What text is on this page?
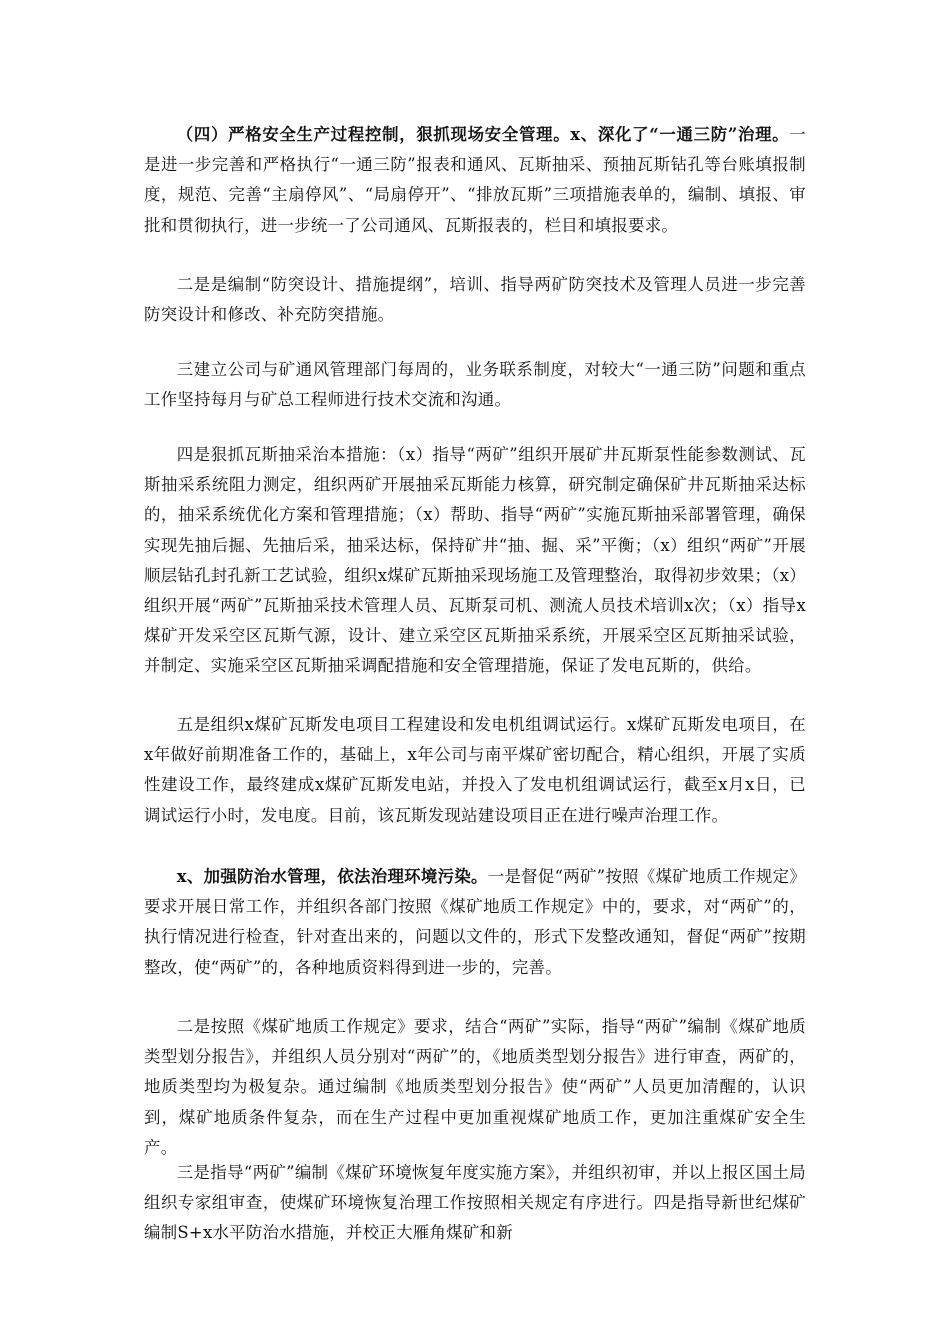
（四）严格安全生产过程控制，狠抓现场安全管理。x、深化了“一通三防”治理。一是进一步完善和严格执行“一通三防”报表和通风、瓦斯抽采、预抽瓦斯钻孔等台账填报制度，规范、完善“主扇停风”、“局扇停开”、“排放瓦斯”三项措施表单的，编制、填报、审批和贯彻执行，进一步统一了公司通风、瓦斯报表的，栏目和填报要求。

二是是编制“防突设计、措施提纲”，培训、指导两矿防突技术及管理人员进一步完善防突设计和修改、补充防突措施。

三建立公司与矿通风管理部门每周的，业务联系制度，对较大“一通三防”问题和重点工作坚持每月与矿总工程师进行技术交流和沟通。

四是狠抓瓦斯抽采治本措施：（x）指导“两矿”组织开展矿井瓦斯泵性能参数测试、瓦斯抽采系统阻力测定，组织两矿开展抽采瓦斯能力核算，研究制定确保矿井瓦斯抽采达标的，抽采系统优化方案和管理措施；（x）帮助、指导“两矿”实施瓦斯抽采部署管理，确保实现先抽后掘、先抽后采，抽采达标，保持矿井“抽、掘、采”平衡；（x）组织“两矿”开展顺层钻孔封孔新工艺试验，组织x煤矿瓦斯抽采现场施工及管理整治，取得初步效果；（x）组织开展“两矿”瓦斯抽采技术管理人员、瓦斯泵司机、测流人员技术培训x次；（x）指导x煤矿开发采空区瓦斯气源，设计、建立采空区瓦斯抽采系统，开展采空区瓦斯抽采试验，并制定、实施采空区瓦斯抽采调配措施和安全管理措施，保证了发电瓦斯的，供给。

五是组织x煤矿瓦斯发电项目工程建设和发电机组调试运行。x煤矿瓦斯发电项目，在x年做好前期准备工作的，基础上，x年公司与南平煤矿密切配合，精心组织，开展了实质性建设工作，最终建成x煤矿瓦斯发电站，并投入了发电机组调试运行，截至x月x日，已调试运行小时，发电度。目前，该瓦斯发现站建设项目正在进行噪声治理工作。

x、加强防治水管理，依法治理环境污染。一是督促“两矿”按照《煤矿地质工作规定》要求开展日常工作，并组织各部门按照《煤矿地质工作规定》中的，要求，对“两矿”的，执行情况进行检查，针对查出来的，问题以文件的，形式下发整改通知，督促“两矿”按期整改，使“两矿”的，各种地质资料得到进一步的，完善。

二是按照《煤矿地质工作规定》要求，结合“两矿”实际，指导“两矿”编制《煤矿地质类型划分报告》，并组织人员分别对“两矿”的，《地质类型划分报告》进行审查，两矿的，地质类型均为极复杂。通过编制《地质类型划分报告》使“两矿”人员更加清醒的，认识到，煤矿地质条件复杂，而在生产过程中更加重视煤矿地质工作，更加注重煤矿安全生产。

三是指导“两矿”编制《煤矿环境恢复年度实施方案》，并组织初审，并以上报区国土局组织专家组审查，使煤矿环境恢复治理工作按照相关规定有序进行。四是指导新世纪煤矿编制S+x水平防治水措施，并校正大雁角煤矿和新
